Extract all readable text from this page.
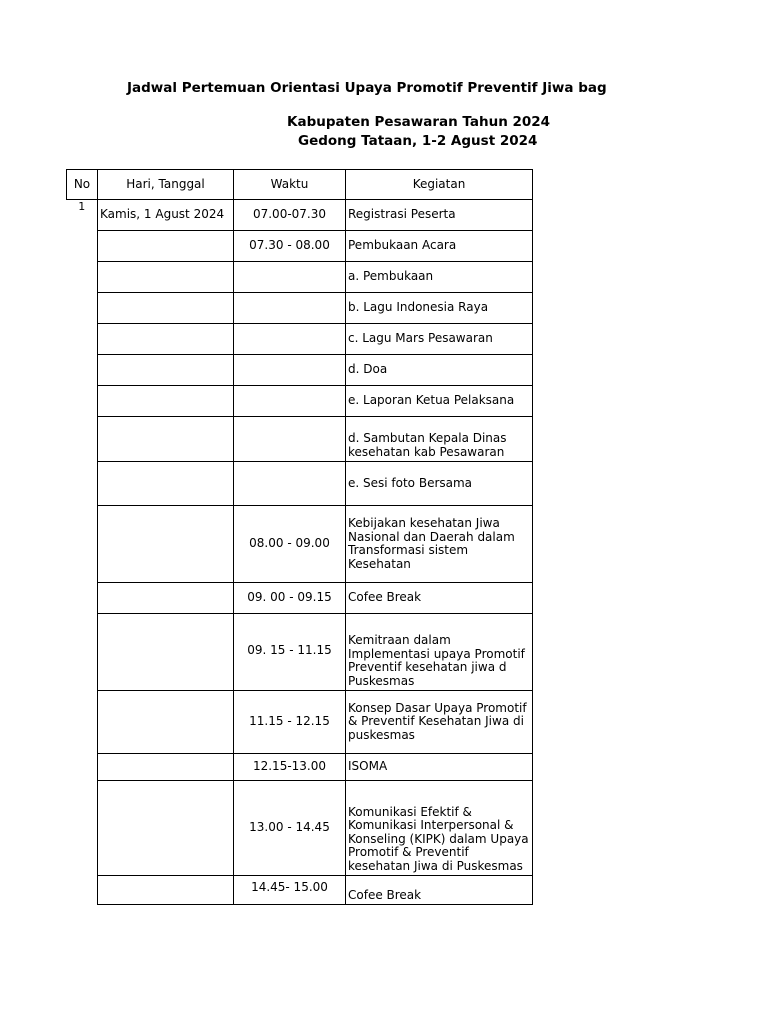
Jadwal Pertemuan Orientasi Upaya Promotif Preventif Jiwa bag
Kabupaten Pesawaran Tahun 2024
Gedong Tataan, 1-2 Agust 2024
No	Hari, Tanggal	Waktu	Kegiatan
1	Kamis, 1 Agust 2024	07.00-07.30	Registrasi Peserta
		07.30 - 08.00	Pembukaan Acara
			a. Pembukaan
			b. Lagu Indonesia Raya
			c. Lagu Mars Pesawaran
			d. Doa
			e. Laporan Ketua Pelaksana
			d. Sambutan Kepala Dinas kesehatan kab Pesawaran
			e. Sesi foto Bersama
		08.00 - 09.00	Kebijakan kesehatan Jiwa Nasional dan Daerah dalam Transformasi sistem Kesehatan
		09. 00 - 09.15	Cofee Break
		09. 15 - 11.15	Kemitraan dalam Implementasi upaya Promotif Preventif kesehatan jiwa d Puskesmas
		11.15 - 12.15	Konsep Dasar Upaya Promotif & Preventif Kesehatan Jiwa di puskesmas
		12.15-13.00	ISOMA
		13.00 - 14.45	Komunikasi Efektif & Komunikasi Interpersonal & Konseling (KIPK) dalam Upaya Promotif & Preventif kesehatan Jiwa di Puskesmas
		14.45- 15.00	Cofee Break
